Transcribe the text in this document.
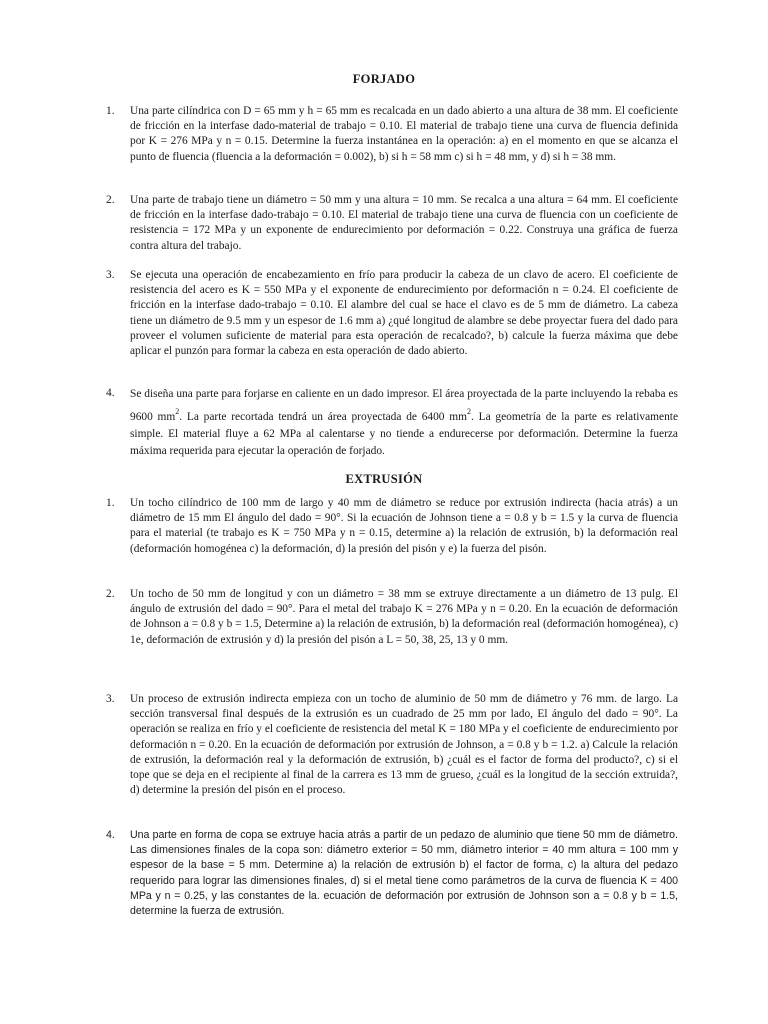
FORJADO
1. Una parte cilíndrica con D = 65 mm y h = 65 mm es recalcada en un dado abierto a una altura de 38 mm. El coeficiente de fricción en la interfase dado-material de trabajo = 0.10. El material de trabajo tiene una curva de fluencia definida por K = 276 MPa y n = 0.15. Determine la fuerza instantánea en la operación: a) en el momento en que se alcanza el punto de fluencia (fluencia a la deformación = 0.002), b) si h = 58 mm c) si h = 48 mm, y d) si h = 38 mm.
2. Una parte de trabajo tiene un diámetro = 50 mm y una altura = 10 mm. Se recalca a una altura = 64 mm. El coeficiente de fricción en la interfase dado-trabajo = 0.10. El material de trabajo tiene una curva de fluencia con un coeficiente de resistencia = 172 MPa y un exponente de endurecimiento por deformación = 0.22. Construya una gráfica de fuerza contra altura del trabajo.
3. Se ejecuta una operación de encabezamiento en frío para producir la cabeza de un clavo de acero. El coeficiente de resistencia del acero es K = 550 MPa y el exponente de endurecimiento por deformación n = 0.24. El coeficiente de fricción en la interfase dado-trabajo = 0.10. El alambre del cual se hace el clavo es de 5 mm de diámetro. La cabeza tiene un diámetro de 9.5 mm y un espesor de 1.6 mm a) ¿qué longitud de alambre se debe proyectar fuera del dado para proveer el volumen suficiente de material para esta operación de recalcado?, b) calcule la fuerza máxima que debe aplicar el punzón para formar la cabeza en esta operación de dado abierto.
4. Se diseña una parte para forjarse en caliente en un dado impresor. El área proyectada de la parte incluyendo la rebaba es 9600 $mm^2$. La parte recortada tendrá un área proyectada de 6400 $mm^2$. La geometría de la parte es relativamente simple. El material fluye a 62 MPa al calentarse y no tiende a endurecerse por deformación. Determine la fuerza máxima requerida para ejecutar la operación de forjado.
EXTRUSIÓN
1. Un tocho cilíndrico de 100 mm de largo y 40 mm de diámetro se reduce por extrusión indirecta (hacia atrás) a un diámetro de 15 mm El ángulo del dado = 90°. Si la ecuación de Johnson tiene a = 0.8 y b = 1.5 y la curva de fluencia para el material (te trabajo es K = 750 MPa y n = 0.15, determine a) la relación de extrusión, b) la deformación real (deformación homogénea c) la deformación, d) la presión del pisón y e) la fuerza del pisón.
2. Un tocho de 50 mm de longitud y con un diámetro = 38 mm se extruye directamente a un diámetro de 13 pulg. El ángulo de extrusión del dado = 90°. Para el metal del trabajo K = 276 MPa y n = 0.20. En la ecuación de deformación de Johnson a = 0.8 y b = 1.5, Determine a) la relación de extrusión, b) la deformación real (deformación homogénea), c) 1e, deformación de extrusión y d) la presión del pisón a L = 50, 38, 25, 13 y 0 mm.
3. Un proceso de extrusión indirecta empieza con un tocho de aluminio de 50 mm de diámetro y 76 mm. de largo. La sección transversal final después de la extrusión es un cuadrado de 25 mm por lado, El ángulo del dado = 90°. La operación se realiza en frío y el coeficiente de resistencia del metal K = 180 MPa y el coeficiente de endurecimiento por deformación n = 0.20. En la ecuación de deformación por extrusión de Johnson, a = 0.8 y b = 1.2. a) Calcule la relación de extrusión, la deformación real y la deformación de extrusión, b) ¿cuál es el factor de forma del producto?, c) si el tope que se deja en el recipiente al final de la carrera es 13 mm de grueso, ¿cuál es la longitud de la sección extruida?, d) determine la presión del pisón en el proceso.
4. Una parte en forma de copa se extruye hacia atrás a partir de un pedazo de aluminio que tiene 50 mm de diámetro. Las dimensiones finales de la copa son: diámetro exterior = 50 mm, diámetro interior = 40 mm altura = 100 mm y espesor de la base = 5 mm. Determine a) la relación de extrusión b) el factor de forma, c) la altura del pedazo requerido para lograr las dimensiones finales, d) si el metal tiene como parámetros de la curva de fluencia K = 400 MPa y n = 0.25, y las constantes de la. ecuación de deformación por extrusión de Johnson son a = 0.8 y b = 1.5, determine la fuerza de extrusión.
